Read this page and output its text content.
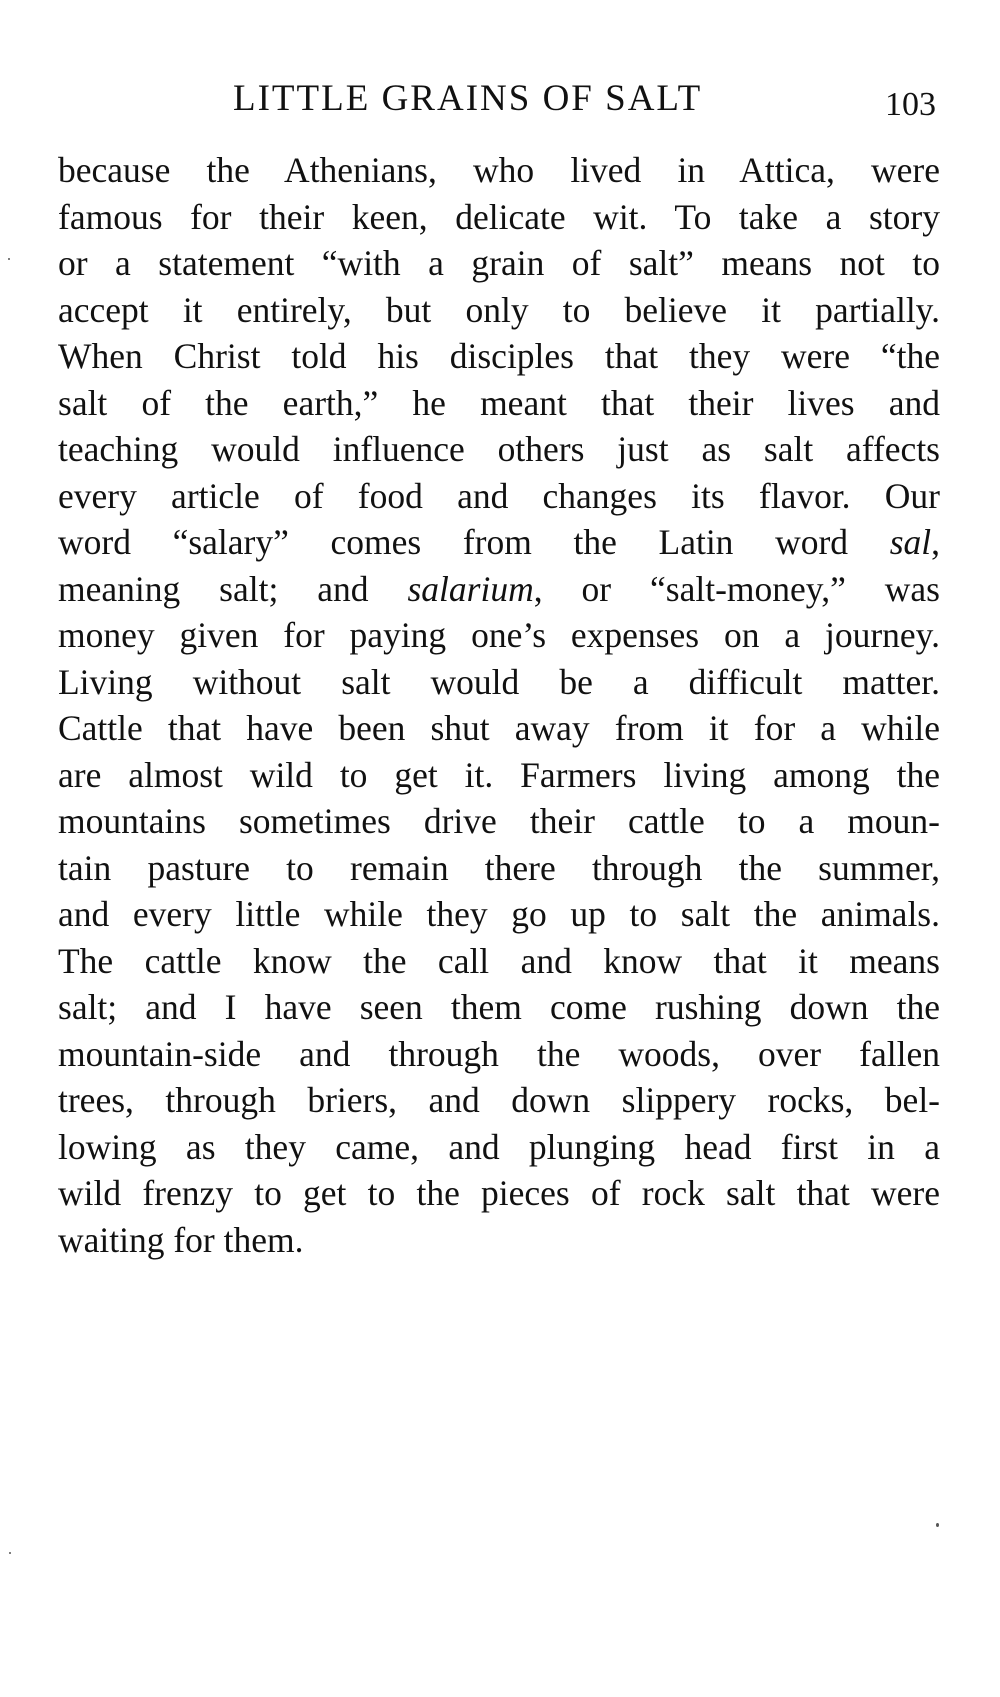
LITTLE GRAINS OF SALT	103
because the Athenians, who lived in Attica, were
famous for their keen, delicate wit. To take a story
or a statement “with a grain of salt” means not to
accept it entirely, but only to believe it partially.
When Christ told his disciples that they were “the
salt of the earth,” he meant that their lives and
teaching would influence others just as salt affects
every article of food and changes its flavor. Our
word “salary” comes from the Latin word sal,
meaning salt; and salarium, or “salt-money,” was
money given for paying one’s expenses on a journey.
Living without salt would be a difficult matter.
Cattle that have been shut away from it for a while
are almost wild to get it. Farmers living among the
mountains sometimes drive their cattle to a moun-
tain pasture to remain there through the summer,
and every little while they go up to salt the animals.
The cattle know the call and know that it means
salt; and I have seen them come rushing down the
mountain-side and through the woods, over fallen
trees, through briers, and down slippery rocks, bel-
lowing as they came, and plunging head first in a
wild frenzy to get to the pieces of rock salt that were
waiting for them.
